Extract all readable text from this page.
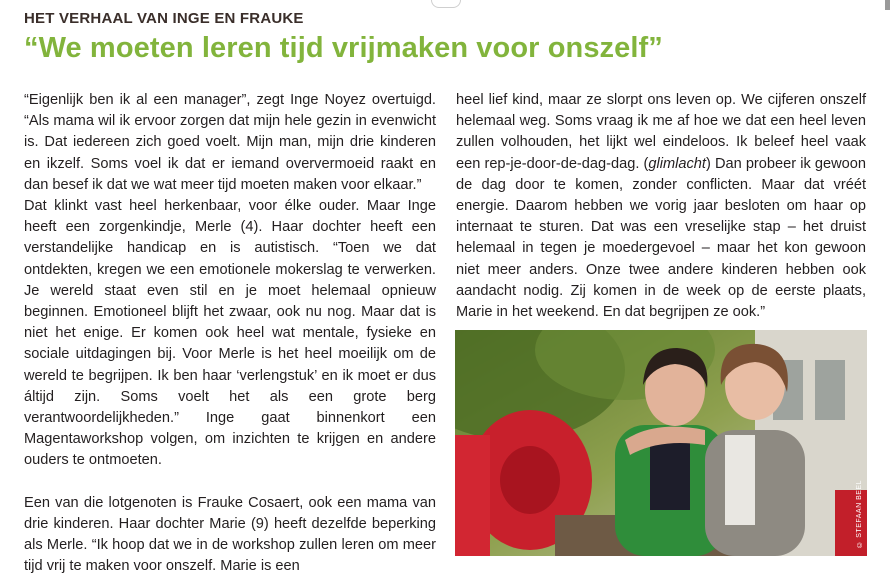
HET VERHAAL VAN INGE EN FRAUKE
“We moeten leren tijd vrijmaken voor onszelf”

“Eigenlijk ben ik al een manager”, zegt Inge Noyez overtuigd. “Als mama wil ik ervoor zorgen dat mijn hele gezin in evenwicht is. Dat iedereen zich goed voelt. Mijn man, mijn drie kinderen en ikzelf. Soms voel ik dat er iemand oververmoeid raakt en dan besef ik dat we wat meer tijd moeten maken voor elkaar.”

Dat klinkt vast heel herkenbaar, voor élke ouder. Maar Inge heeft een zorgenkindje, Merle (4). Haar dochter heeft een verstandelijke handicap en is autistisch. “Toen we dat ontdekten, kregen we een emotionele mokerslag te verwerken. Je wereld staat even stil en je moet helemaal opnieuw beginnen. Emotioneel blijft het zwaar, ook nu nog. Maar dat is niet het enige. Er komen ook heel wat mentale, fysieke en sociale uitdagingen bij. Voor Merle is het heel moeilijk om de wereld te begrijpen. Ik ben haar ‘verlengstuk’ en ik moet er dus áltijd zijn. Soms voelt het als een grote berg verantwoordelijkheden.” Inge gaat binnenkort een Magentaworkshop volgen, om inzichten te krijgen en andere ouders te ontmoeten.

Een van die lotgenoten is Frauke Cosaert, ook een mama van drie kinderen. Haar dochter Marie (9) heeft dezelfde beperking als Merle. “Ik hoop dat we in de workshop zullen leren om meer tijd vrij te maken voor onszelf. Marie is een

heel lief kind, maar ze slorpt ons leven op. We cijferen onszelf helemaal weg. Soms vraag ik me af hoe we dat een heel leven zullen volhouden, het lijkt wel eindeloos. Ik beleef heel vaak een rep-je-door-de-dag-dag. (glimlacht) Dan probeer ik gewoon de dag door te komen, zonder conflicten. Maar dat vréét energie. Daarom hebben we vorig jaar besloten om haar op internaat te sturen. Dat was een vreselijke stap – het druist helemaal in tegen je moedergevoel – maar het kon gewoon niet meer anders. Onze twee andere kinderen hebben ook aandacht nodig. Zij komen in de week op de eerste plaats, Marie in het weekend. En dat begrijpen ze ook.”

© STEFAAN BEEL
